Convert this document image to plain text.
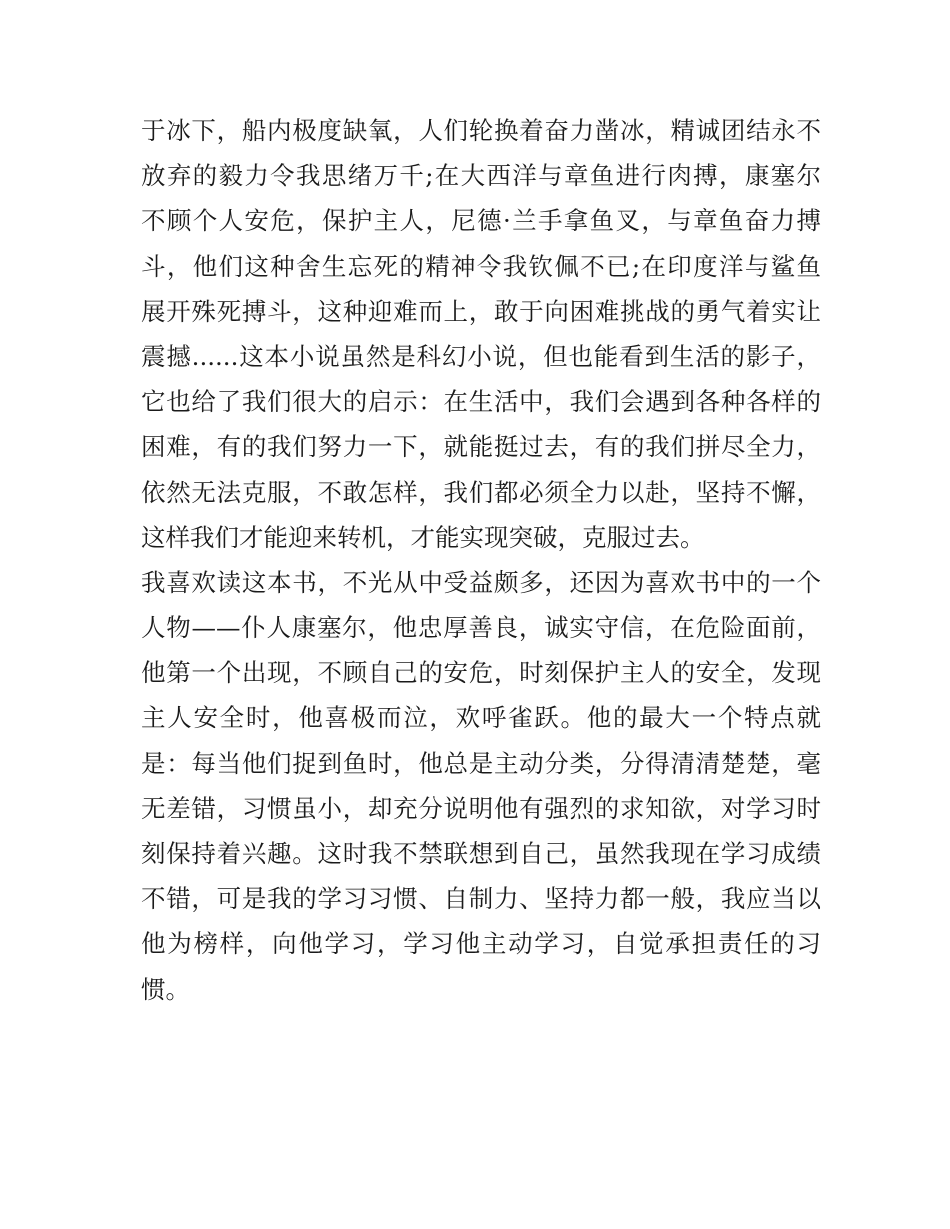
于冰下，船内极度缺氧，人们轮换着奋力凿冰，精诚团结永不
放弃的毅力令我思绪万千;在大西洋与章鱼进行肉搏，康塞尔
不顾个人安危，保护主人，尼德·兰手拿鱼叉，与章鱼奋力搏
斗，他们这种舍生忘死的精神令我钦佩不已;在印度洋与鲨鱼
展开殊死搏斗，这种迎难而上，敢于向困难挑战的勇气着实让
震撼......这本小说虽然是科幻小说，但也能看到生活的影子，
它也给了我们很大的启示：在生活中，我们会遇到各种各样的
困难，有的我们努力一下，就能挺过去，有的我们拼尽全力，
依然无法克服，不敢怎样，我们都必须全力以赴，坚持不懈，
这样我们才能迎来转机，才能实现突破，克服过去。
我喜欢读这本书，不光从中受益颇多，还因为喜欢书中的一个
人物——仆人康塞尔，他忠厚善良，诚实守信，在危险面前，
他第一个出现，不顾自己的安危，时刻保护主人的安全，发现
主人安全时，他喜极而泣，欢呼雀跃。他的最大一个特点就
是：每当他们捉到鱼时，他总是主动分类，分得清清楚楚，毫
无差错，习惯虽小，却充分说明他有强烈的求知欲，对学习时
刻保持着兴趣。这时我不禁联想到自己，虽然我现在学习成绩
不错，可是我的学习习惯、自制力、坚持力都一般，我应当以
他为榜样，向他学习，学习他主动学习，自觉承担责任的习
惯。
